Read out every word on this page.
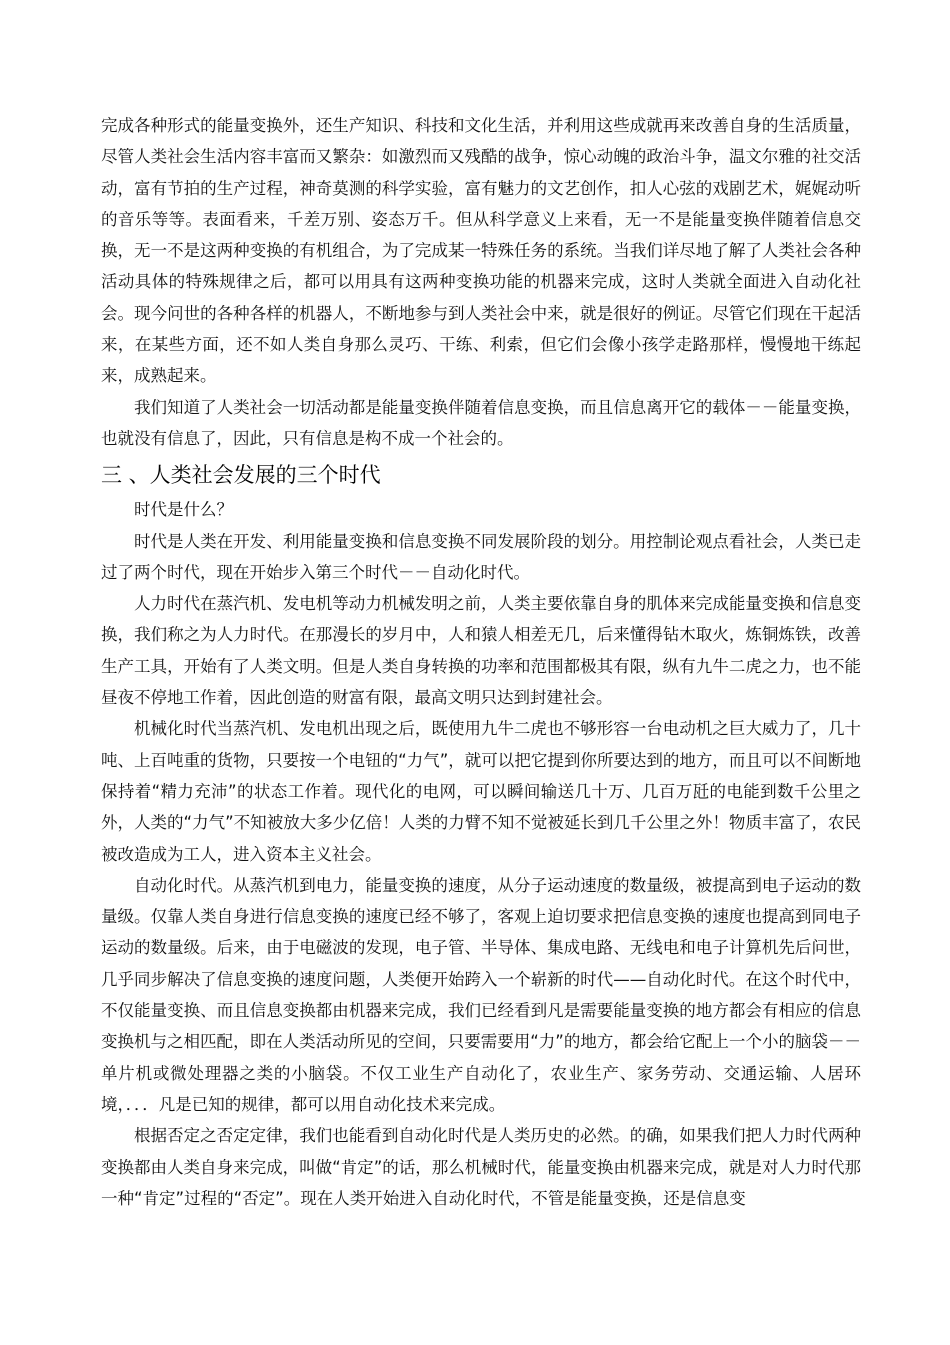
完成各种形式的能量变换外，还生产知识、科技和文化生活，并利用这些成就再来改善自身的生活质量，尽管人类社会生活内容丰富而又繁杂：如激烈而又残酷的战争，惊心动魄的政治斗争，温文尔雅的社交活动，富有节拍的生产过程，神奇莫测的科学实验，富有魅力的文艺创作，扣人心弦的戏剧艺术，娓娓动听的音乐等等。表面看来，千差万别、姿态万千。但从科学意义上来看，无一不是能量变换伴随着信息交换，无一不是这两种变换的有机组合，为了完成某一特殊任务的系统。当我们详尽地了解了人类社会各种活动具体的特殊规律之后，都可以用具有这两种变换功能的机器来完成，这时人类就全面进入自动化社会。现今问世的各种各样的机器人，不断地参与到人类社会中来，就是很好的例证。尽管它们现在干起活来，在某些方面，还不如人类自身那么灵巧、干练、利索，但它们会像小孩学走路那样，慢慢地干练起来，成熟起来。

我们知道了人类社会一切活动都是能量变换伴随着信息变换，而且信息离开它的载体－－能量变换，也就没有信息了，因此，只有信息是构不成一个社会的。

三 、人类社会发展的三个时代

时代是什么？

时代是人类在开发、利用能量变换和信息变换不同发展阶段的划分。用控制论观点看社会，人类已走过了两个时代，现在开始步入第三个时代－－自动化时代。

人力时代在蒸汽机、发电机等动力机械发明之前，人类主要依靠自身的肌体来完成能量变换和信息变换，我们称之为人力时代。在那漫长的岁月中，人和猿人相差无几，后来懂得钻木取火，炼铜炼铁，改善生产工具，开始有了人类文明。但是人类自身转换的功率和范围都极其有限，纵有九牛二虎之力，也不能昼夜不停地工作着，因此创造的财富有限，最高文明只达到封建社会。

机械化时代当蒸汽机、发电机出现之后，既使用九牛二虎也不够形容一台电动机之巨大威力了，几十吨、上百吨重的货物，只要按一个电钮的“力气”，就可以把它提到你所要达到的地方，而且可以不间断地保持着“精力充沛”的状态工作着。现代化的电网，可以瞬间输送几十万、几百万瓩的电能到数千公里之外，人类的“力气”不知被放大多少亿倍！人类的力臂不知不觉被延长到几千公里之外！物质丰富了，农民被改造成为工人，进入资本主义社会。

自动化时代。从蒸汽机到电力，能量变换的速度，从分子运动速度的数量级，被提高到电子运动的数量级。仅靠人类自身进行信息变换的速度已经不够了，客观上迫切要求把信息变换的速度也提高到同电子运动的数量级。后来，由于电磁波的发现，电子管、半导体、集成电路、无线电和电子计算机先后问世，几乎同步解决了信息变换的速度问题，人类便开始跨入一个崭新的时代——自动化时代。在这个时代中，不仅能量变换、而且信息变换都由机器来完成，我们已经看到凡是需要能量变换的地方都会有相应的信息变换机与之相匹配，即在人类活动所见的空间，只要需要用“力”的地方，都会给它配上一个小的脑袋－－单片机或微处理器之类的小脑袋。不仅工业生产自动化了，农业生产、家务劳动、交通运输、人居环境，．．．凡是已知的规律，都可以用自动化技术来完成。

根据否定之否定定律，我们也能看到自动化时代是人类历史的必然。的确，如果我们把人力时代两种变换都由人类自身来完成，叫做“肯定”的话，那么机械时代，能量变换由机器来完成，就是对人力时代那一种“肯定”过程的“否定”。现在人类开始进入自动化时代，不管是能量变换，还是信息变
